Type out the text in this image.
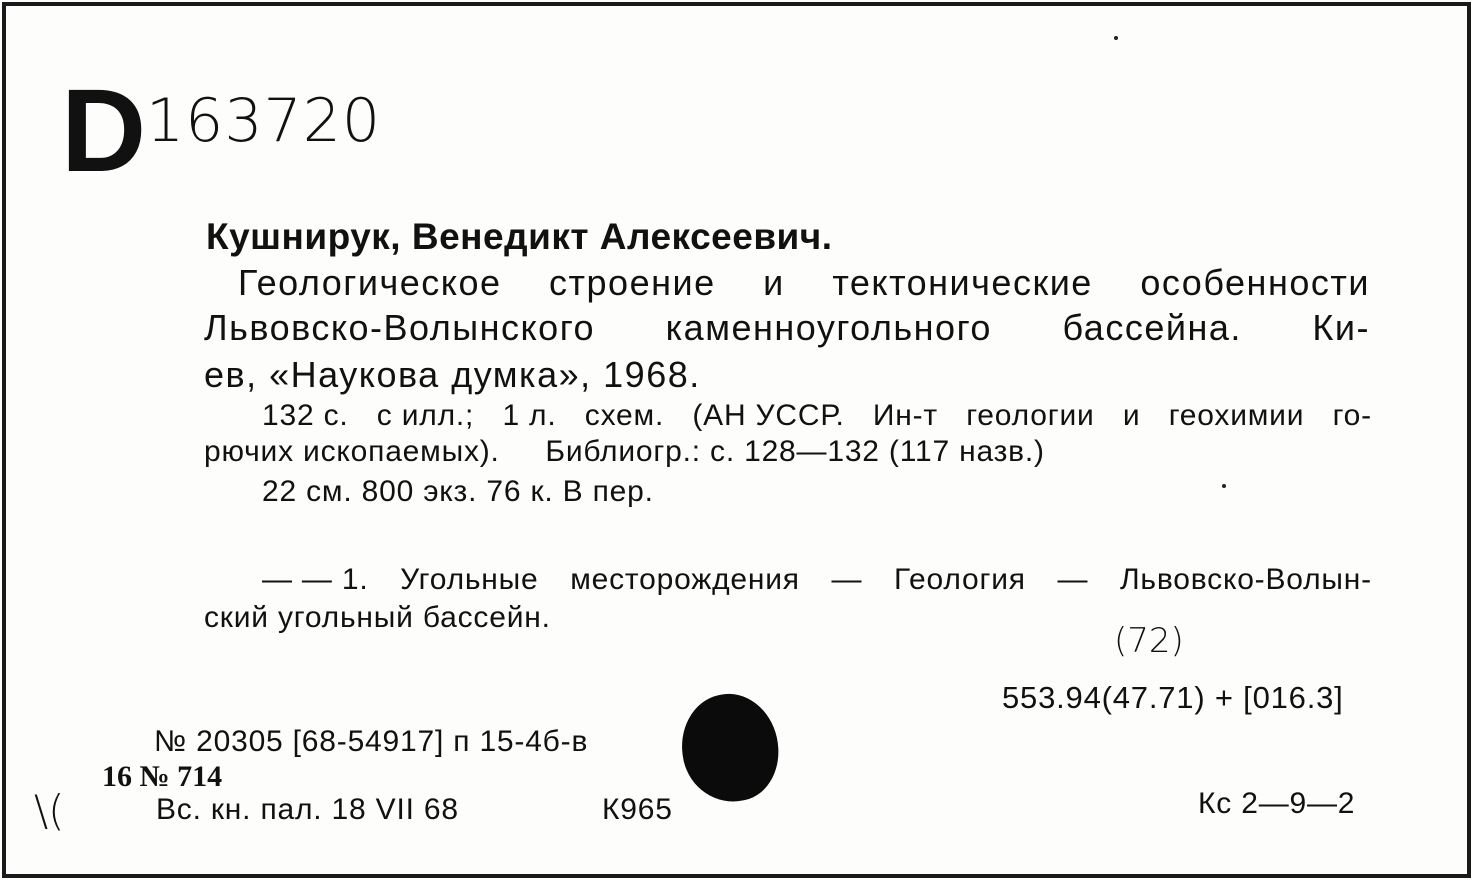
D 163720
Кушнирук, Венедикт Алексеевич.
Геологическое строение и тектонические особенности
Львовско-Волынского каменноугольного бассейна. Ки-
ев, «Наукова думка», 1968.
132 с. с илл.; 1 л. схем. (АН УССР. Ин-т геологии и геохимии го-
рючих ископаемых).     Библиогр.: с. 128—132 (117 назв.)
22 см. 800 экз. 76 к. В пер.
— — 1. Угольные месторождения — Геология — Львовско-Волын-
ский угольный бассейн.
(72)
553.94(47.71) + [016.3]
№ 20305 [68-54917] п 15-4б-в
16 № 714
\(	Вс. кн. пал. 18 VII 68	К965	Кс 2—9—2
